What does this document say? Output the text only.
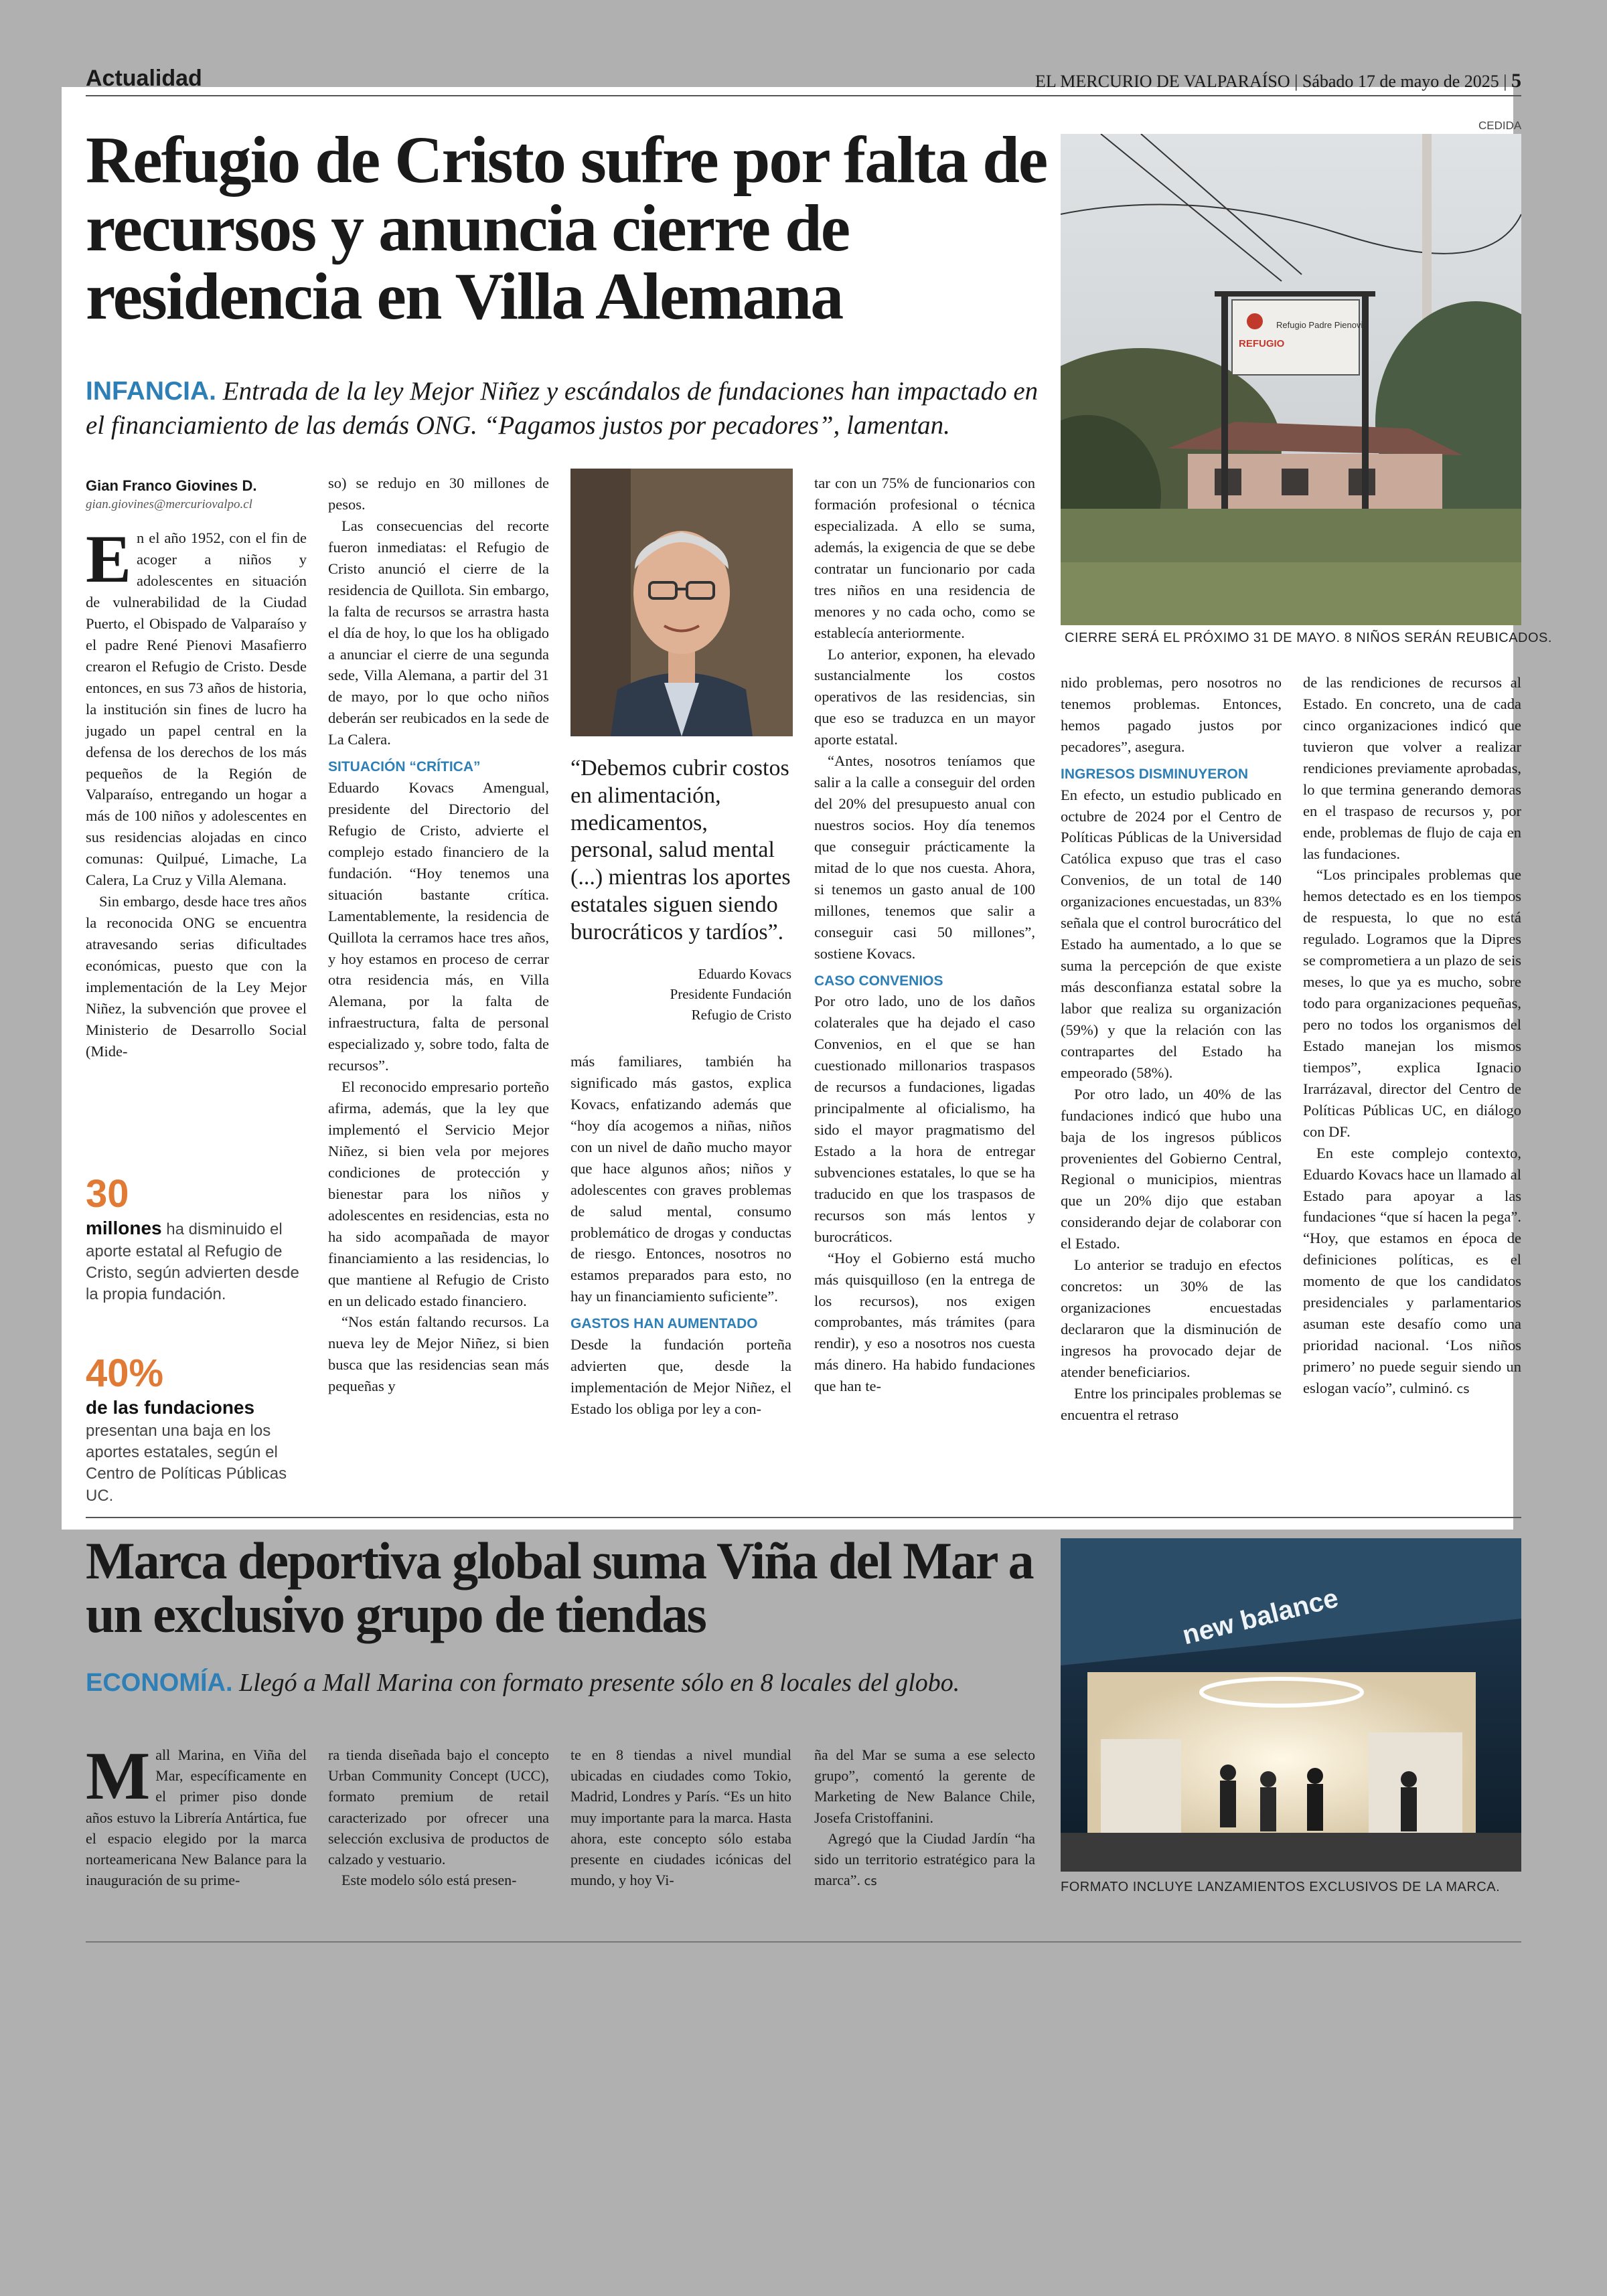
Actualidad	EL MERCURIO DE VALPARAÍSO | Sábado 17 de mayo de 2025 | 5
Refugio de Cristo sufre por falta de recursos y anuncia cierre de residencia en Villa Alemana
INFANCIA. Entrada de la ley Mejor Niñez y escándalos de fundaciones han impactado en el financiamiento de las demás ONG. “Pagamos justos por pecadores”, lamentan.
CEDIDA
REFUGIO
Refugio Padre Pienovi
CIERRE SERÁ EL PRÓXIMO 31 DE MAYO. 8 NIÑOS SERÁN REUBICADOS.
Gian Franco Giovines D.
gian.giovines@mercuriovalpo.cl

En el año 1952, con el fin de acoger a niños y adolescentes en situación de vulnerabilidad de la Ciudad Puerto, el Obispado de Valparaíso y el padre René Pienovi Masafierro crearon el Refugio de Cristo. Desde entonces, en sus 73 años de historia, la institución sin fines de lucro ha jugado un papel central en la defensa de los derechos de los más pequeños de la Región de Valparaíso, entregando un hogar a más de 100 niños y adolescentes en sus residencias alojadas en cinco comunas: Quilpué, Limache, La Calera, La Cruz y Villa Alemana.

Sin embargo, desde hace tres años la reconocida ONG se encuentra atravesando serias dificultades económicas, puesto que con la implementación de la Ley Mejor Niñez, la subvención que provee el Ministerio de Desarrollo Social (Mide-

30
millones ha disminuido el aporte estatal al Refugio de Cristo, según advierten desde la propia fundación.
40%
de las fundaciones presentan una baja en los aportes estatales, según el Centro de Políticas Públicas UC.

so) se redujo en 30 millones de pesos.

Las consecuencias del recorte fueron inmediatas: el Refugio de Cristo anunció el cierre de la residencia de Quillota. Sin embargo, la falta de recursos se arrastra hasta el día de hoy, lo que los ha obligado a anunciar el cierre de una segunda sede, Villa Alemana, a partir del 31 de mayo, por lo que ocho niños deberán ser reubicados en la sede de La Calera.

SITUACIÓN “CRÍTICA”

Eduardo Kovacs Amengual, presidente del Directorio del Refugio de Cristo, advierte el complejo estado financiero de la fundación. “Hoy tenemos una situación bastante crítica. Lamentablemente, la residencia de Quillota la cerramos hace tres años, y hoy estamos en proceso de cerrar otra residencia más, en Villa Alemana, por la falta de infraestructura, falta de personal especializado y, sobre todo, falta de recursos”.

El reconocido empresario porteño afirma, además, que la ley que implementó el Servicio Mejor Niñez, si bien vela por mejores condiciones de protección y bienestar para los niños y adolescentes en residencias, esta no ha sido acompañada de mayor financiamiento a las residencias, lo que mantiene al Refugio de Cristo en un delicado estado financiero.

“Nos están faltando recursos. La nueva ley de Mejor Niñez, si bien busca que las residencias sean más pequeñas y

“Debemos cubrir costos en alimentación, medicamentos, personal, salud mental (...) mientras los aportes estatales siguen siendo burocráticos y tardíos”.
Eduardo Kovacs
Presidente Fundación
Refugio de Cristo

más familiares, también ha significado más gastos, explica Kovacs, enfatizando además que “hoy día acogemos a niñas, niños con un nivel de daño mucho mayor que hace algunos años; niños y adolescentes con graves problemas de salud mental, consumo problemático de drogas y conductas de riesgo. Entonces, nosotros no estamos preparados para esto, no hay un financiamiento suficiente”.

GASTOS HAN AUMENTADO

Desde la fundación porteña advierten que, desde la implementación de Mejor Niñez, el Estado los obliga por ley a con-

tar con un 75% de funcionarios con formación profesional o técnica especializada. A ello se suma, además, la exigencia de que se debe contratar un funcionario por cada tres niños en una residencia de menores y no cada ocho, como se establecía anteriormente.

Lo anterior, exponen, ha elevado sustancialmente los costos operativos de las residencias, sin que eso se traduzca en un mayor aporte estatal.

“Antes, nosotros teníamos que salir a la calle a conseguir del orden del 20% del presupuesto anual con nuestros socios. Hoy día tenemos que conseguir prácticamente la mitad de lo que nos cuesta. Ahora, si tenemos un gasto anual de 100 millones, tenemos que salir a conseguir casi 50 millones”, sostiene Kovacs.

CASO CONVENIOS

Por otro lado, uno de los daños colaterales que ha dejado el caso Convenios, en el que se han cuestionado millonarios traspasos de recursos a fundaciones, ligadas principalmente al oficialismo, ha sido el mayor pragmatismo del Estado a la hora de entregar subvenciones estatales, lo que se ha traducido en que los traspasos de recursos son más lentos y burocráticos.

“Hoy el Gobierno está mucho más quisquilloso (en la entrega de los recursos), nos exigen comprobantes, más trámites (para rendir), y eso a nosotros nos cuesta más dinero. Ha habido fundaciones que han te-

nido problemas, pero nosotros no tenemos problemas. Entonces, hemos pagado justos por pecadores”, asegura.

INGRESOS DISMINUYERON

En efecto, un estudio publicado en octubre de 2024 por el Centro de Políticas Públicas de la Universidad Católica expuso que tras el caso Convenios, de un total de 140 organizaciones encuestadas, un 83% señala que el control burocrático del Estado ha aumentado, a lo que se suma la percepción de que existe más desconfianza estatal sobre la labor que realiza su organización (59%) y que la relación con las contrapartes del Estado ha empeorado (58%).

Por otro lado, un 40% de las fundaciones indicó que hubo una baja de los ingresos públicos provenientes del Gobierno Central, Regional o municipios, mientras que un 20% dijo que estaban considerando dejar de colaborar con el Estado.

Lo anterior se tradujo en efectos concretos: un 30% de las organizaciones encuestadas declararon que la disminución de ingresos ha provocado dejar de atender beneficiarios.

Entre los principales problemas se encuentra el retraso

de las rendiciones de recursos al Estado. En concreto, una de cada cinco organizaciones indicó que tuvieron que volver a realizar rendiciones previamente aprobadas, lo que termina generando demoras en el traspaso de recursos y, por ende, problemas de flujo de caja en las fundaciones.

“Los principales problemas que hemos detectado es en los tiempos de respuesta, lo que no está regulado. Logramos que la Dipres se comprometiera a un plazo de seis meses, lo que ya es mucho, sobre todo para organizaciones pequeñas, pero no todos los organismos del Estado manejan los mismos tiempos”, explica Ignacio Irarrázaval, director del Centro de Políticas Públicas UC, en diálogo con DF.

En este complejo contexto, Eduardo Kovacs hace un llamado al Estado para apoyar a las fundaciones “que sí hacen la pega”. “Hoy, que estamos en época de definiciones políticas, es el momento de que los candidatos presidenciales y parlamentarios asuman este desafío como una prioridad nacional. ‘Los niños primero’ no puede seguir siendo un eslogan vacío”, culminó. cs

Marca deportiva global suma Viña del Mar a un exclusivo grupo de tiendas
ECONOMÍA. Llegó a Mall Marina con formato presente sólo en 8 locales del globo.
new balance
FORMATO INCLUYE LANZAMIENTOS EXCLUSIVOS DE LA MARCA.

Mall Marina, en Viña del Mar, específicamente en el primer piso donde años estuvo la Librería Antártica, fue el espacio elegido por la marca norteamericana New Balance para la inauguración de su prime-

ra tienda diseñada bajo el concepto Urban Community Concept (UCC), formato premium de retail caracterizado por ofrecer una selección exclusiva de productos de calzado y vestuario.

Este modelo sólo está presen-

te en 8 tiendas a nivel mundial ubicadas en ciudades como Tokio, Madrid, Londres y París. “Es un hito muy importante para la marca. Hasta ahora, este concepto sólo estaba presente en ciudades icónicas del mundo, y hoy Vi-

ña del Mar se suma a ese selecto grupo”, comentó la gerente de Marketing de New Balance Chile, Josefa Cristoffanini.

Agregó que la Ciudad Jardín “ha sido un territorio estratégico para la marca”. cs
